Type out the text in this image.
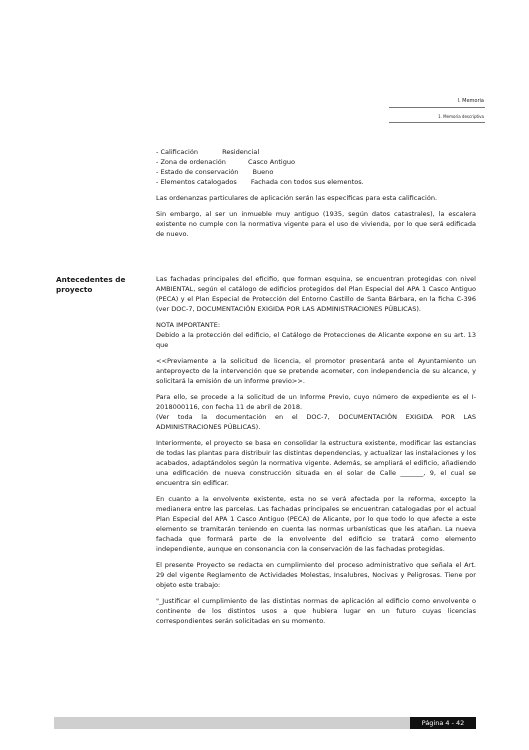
I. Memoria
1. Memoria descriptiva
- Calificación	Residencial
- Zona de ordenación	Casco Antiguo
- Estado de conservación Bueno
- Elementos catalogados Fachada con todos sus elementos.

Las ordenanzas particulares de aplicación serán las específicas para esta calificación.

Sin embargo, al ser un inmueble muy antiguo (1935, según datos catastrales), la escalera existente no cumple con la normativa vigente para el uso de vivienda, por lo que será edificada de nuevo.

Antecedentes de proyecto

Las fachadas principales del eficifio, que forman esquina, se encuentran protegidas con nivel AMBIENTAL, según el catálogo de edificios protegidos del Plan Especial del APA 1 Casco Antiguo (PECA) y el Plan Especial de Protección del Entorno Castillo de Santa Bárbara, en la ficha C-396 (ver DOC-7, DOCUMENTACIÓN EXIGIDA POR LAS ADMINISTRACIONES PÚBLICAS).

NOTA IMPORTANTE:

Debido a la protección del edificio, el Catálogo de Protecciones de Alicante expone en su art. 13 que

<<Previamente a la solicitud de licencia, el promotor presentará ante el Ayuntamiento un anteproyecto de la intervención que se pretende acometer, con independencia de su alcance, y solicitará la emisión de un informe previo>>.

Para ello, se procede a la solicitud de un Informe Previo, cuyo número de expediente es el I-2018000116, con fecha 11 de abril de 2018.

(Ver toda la documentación en el DOC-7, DOCUMENTACIÓN EXIGIDA POR LAS ADMINISTRACIONES PÚBLICAS).

Interiormente, el proyecto se basa en consolidar la estructura existente, modificar las estancias de todas las plantas para distribuir las distintas dependencias, y actualizar las instalaciones y los acabados, adaptándolos según la normativa vigente. Además, se ampliará el edificio, añadiendo una edificación de nueva construcción situada en el solar de Calle _______, 9, el cual se encuentra sin edificar.

En cuanto a la envolvente existente, esta no se verá afectada por la reforma, excepto la medianera entre las parcelas. Las fachadas principales se encuentran catalogadas por el actual Plan Especial del APA 1 Casco Antiguo (PECA) de Alicante, por lo que todo lo que afecte a este elemento se tramitarán teniendo en cuenta las normas urbanísticas que les atañan. La nueva fachada que formará parte de la envolvente del edificio se tratará como elemento independiente, aunque en consonancia con la conservación de las fachadas protegidas.

El presente Proyecto se redacta en cumplimiento del proceso administrativo que señala el Art. 29 del vigente Reglamento de Actividades Molestas, Insalubres, Nocivas y Peligrosas. Tiene por objeto este trabajo:

"_Justificar el cumplimiento de las distintas normas de aplicación al edificio como envolvente o continente de los distintos usos a que hubiera lugar en un futuro cuyas licencias correspondientes serán solicitadas en su momento.

Página 4 - 42
